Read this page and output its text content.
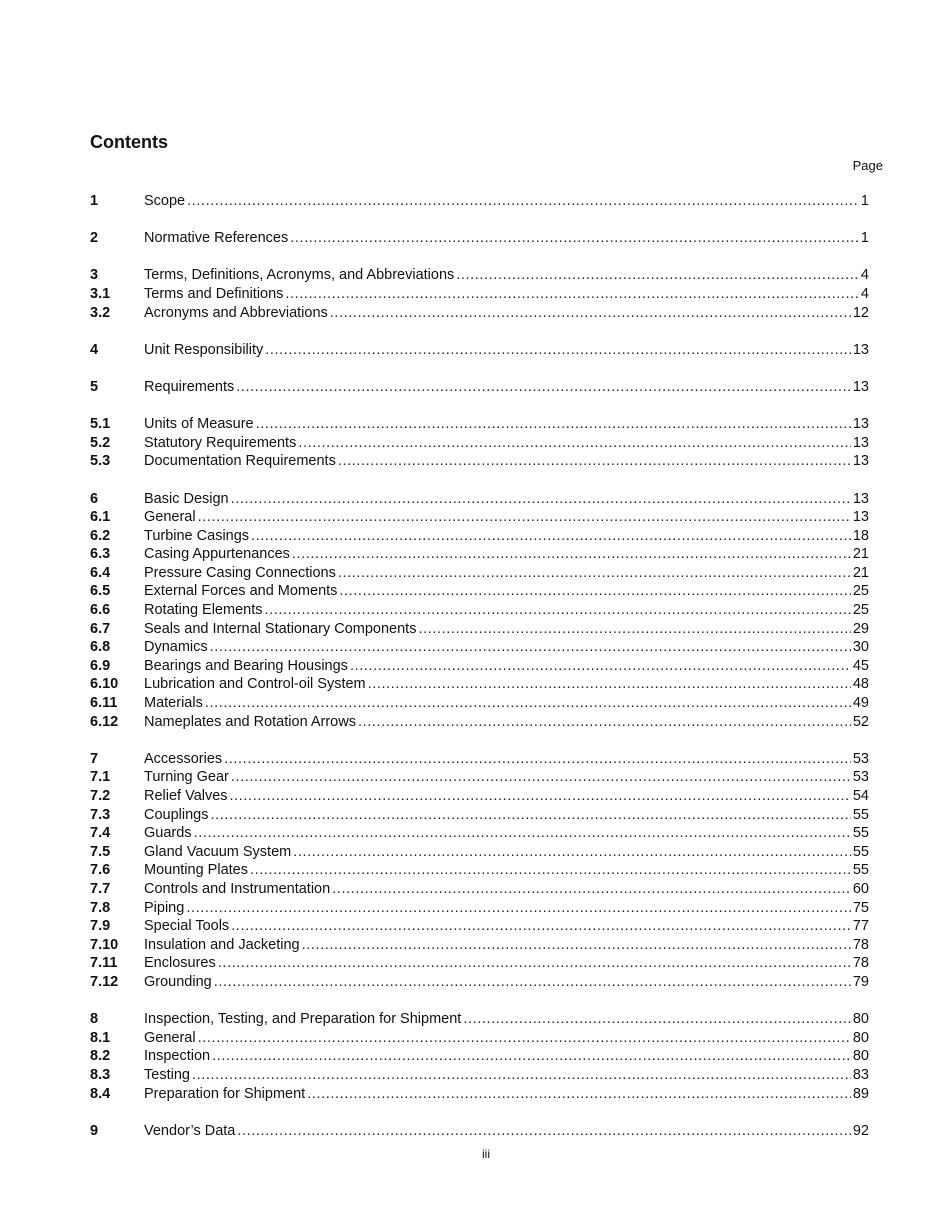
Contents
Page
1	Scope .....	1
2	Normative References .....	1
3	Terms, Definitions, Acronyms, and Abbreviations .....	4
3.1	Terms and Definitions .....	4
3.2	Acronyms and Abbreviations .....	12
4	Unit Responsibility .....	13
5	Requirements .....	13
5.1	Units of Measure .....	13
5.2	Statutory Requirements .....	13
5.3	Documentation Requirements .....	13
6	Basic Design .....	13
6.1	General .....	13
6.2	Turbine Casings .....	18
6.3	Casing Appurtenances .....	21
6.4	Pressure Casing Connections .....	21
6.5	External Forces and Moments .....	25
6.6	Rotating Elements .....	25
6.7	Seals and Internal Stationary Components .....	29
6.8	Dynamics .....	30
6.9	Bearings and Bearing Housings .....	45
6.10	Lubrication and Control-oil System .....	48
6.11	Materials .....	49
6.12	Nameplates and Rotation Arrows .....	52
7	Accessories .....	53
7.1	Turning Gear .....	53
7.2	Relief Valves .....	54
7.3	Couplings .....	55
7.4	Guards .....	55
7.5	Gland Vacuum System .....	55
7.6	Mounting Plates .....	55
7.7	Controls and Instrumentation .....	60
7.8	Piping .....	75
7.9	Special Tools .....	77
7.10	Insulation and Jacketing .....	78
7.11	Enclosures .....	78
7.12	Grounding .....	79
8	Inspection, Testing, and Preparation for Shipment .....	80
8.1	General .....	80
8.2	Inspection .....	80
8.3	Testing .....	83
8.4	Preparation for Shipment .....	89
9	Vendor’s Data .....	92
iii
